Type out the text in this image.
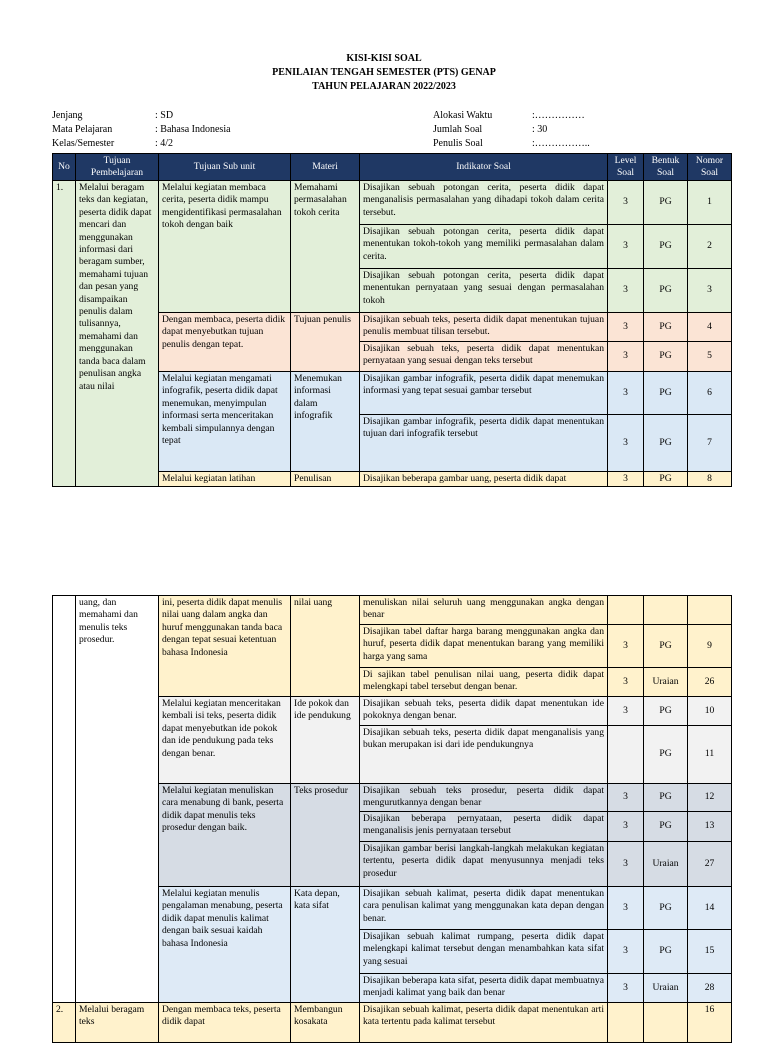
KISI-KISI SOAL
PENILAIAN TENGAH SEMESTER (PTS) GENAP
TAHUN PELAJARAN 2022/2023
Jenjang	: SD
Mata Pelajaran	: Bahasa Indonesia
Kelas/Semester	: 4/2
Alokasi Waktu	:……………
Jumlah Soal	: 30
Penulis Soal	:……………..
No	Tujuan Pembelajaran	Tujuan Sub unit	Materi	Indikator Soal	Level Soal	Bentuk Soal	Nomor Soal
1.	Melalui beragam teks dan kegiatan, peserta didik dapat mencari dan menggunakan informasi dari beragam sumber, memahami tujuan dan pesan yang disampaikan penulis dalam tulisannya, memahami dan menggunakan tanda baca dalam penulisan angka atau nilai	Melalui kegiatan membaca cerita, peserta didik mampu mengidentifikasi permasalahan tokoh dengan baik	Memahami permasalahan tokoh cerita	Disajikan sebuah potongan cerita, peserta didik dapat menganalisis permasalahan yang dihadapi tokoh dalam cerita tersebut.	3	PG	1
				Disajikan sebuah potongan cerita, peserta didik dapat menentukan tokoh-tokoh yang memiliki permasalahan dalam cerita.	3	PG	2
				Disajikan sebuah potongan cerita, peserta didik dapat menentukan pernyataan yang sesuai dengan permasalahan tokoh	3	PG	3
		Dengan membaca, peserta didik dapat menyebutkan tujuan penulis dengan tepat.	Tujuan penulis	Disajikan sebuah teks, peserta didik dapat menentukan tujuan penulis membuat tilisan tersebut.	3	PG	4
				Disajikan sebuah teks, peserta didik dapat menentukan pernyataan yang sesuai dengan teks tersebut	3	PG	5
		Melalui kegiatan mengamati infografik, peserta didik dapat menemukan, menyimpulan informasi serta menceritakan kembali simpulannya dengan tepat	Menemukan informasi dalam infografik	Disajikan gambar infografik, peserta didik dapat menemukan informasi yang tepat sesuai gambar tersebut	3	PG	6
				Disajikan gambar infografik, peserta didik dapat menentukan tujuan dari infografik tersebut	3	PG	7
		Melalui kegiatan latihan	Penulisan	Disajikan beberapa gambar uang, peserta didik dapat	3	PG	8
	uang, dan memahami dan menulis teks prosedur.	ini, peserta didik dapat menulis nilai uang dalam angka dan huruf menggunakan tanda baca dengan tepat sesuai ketentuan bahasa Indonesia	nilai uang	menuliskan nilai seluruh uang menggunakan angka dengan benar			
				Disajikan tabel daftar harga barang menggunakan angka dan huruf, peserta didik dapat menentukan barang yang memiliki harga yang sama	3	PG	9
				Di sajikan tabel penulisan nilai uang, peserta didik dapat melengkapi tabel tersebut dengan benar.	3	Uraian	26
		Melalui kegiatan menceritakan kembali isi teks, peserta didik dapat menyebutkan ide pokok dan ide pendukung pada teks dengan benar.	Ide pokok dan ide pendukung	Disajikan sebuah teks, peserta didik dapat menentukan ide pokoknya dengan benar.	3	PG	10
				Disajikan sebuah teks, peserta didik dapat menganalisis yang bukan merupakan isi dari ide pendukungnya		PG	11
		Melalui kegiatan menuliskan cara menabung di bank, peserta didik dapat menulis teks prosedur dengan baik.	Teks prosedur	Disajikan sebuah teks prosedur, peserta didik dapat mengurutkannya dengan benar	3	PG	12
				Disajikan beberapa pernyataan, peserta didik dapat menganalisis jenis pernyataan tersebut	3	PG	13
				Disajikan gambar berisi langkah-langkah melakukan kegiatan tertentu, peserta didik dapat menyusunnya menjadi teks prosedur	3	Uraian	27
		Melalui kegiatan menulis pengalaman menabung, peserta didik dapat menulis kalimat dengan baik sesuai kaidah bahasa Indonesia	Kata depan, kata sifat	Disajikan sebuah kalimat, peserta didik dapat menentukan cara penulisan kalimat yang menggunakan kata depan dengan benar.	3	PG	14
				Disajikan sebuah kalimat rumpang, peserta didik dapat melengkapi kalimat tersebut dengan menambahkan kata sifat yang sesuai	3	PG	15
				Disajikan beberapa kata sifat, peserta didik dapat membuatnya menjadi kalimat yang baik dan benar	3	Uraian	28
2.	Melalui beragam teks	Dengan membaca teks, peserta didik dapat	Membangun kosakata	Disajikan sebuah kalimat, peserta didik dapat menentukan arti kata tertentu pada kalimat tersebut			16
